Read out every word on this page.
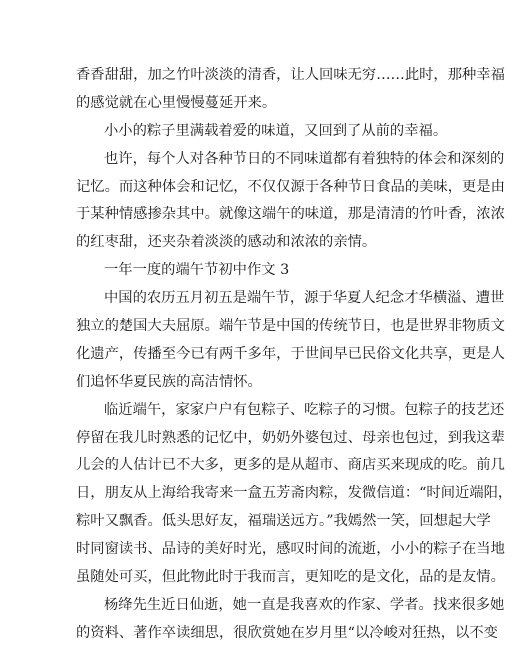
香香甜甜，加之竹叶淡淡的清香，让人回味无穷……此时，那种幸福
的感觉就在心里慢慢蔓延开来。
小小的粽子里满载着爱的味道，又回到了从前的幸福。
也许，每个人对各种节日的不同味道都有着独特的体会和深刻的
记忆。而这种体会和记忆，不仅仅源于各种节日食品的美味，更是由
于某种情感掺杂其中。就像这端午的味道，那是清清的竹叶香，浓浓
的红枣甜，还夹杂着淡淡的感动和浓浓的亲情。
一年一度的端午节初中作文 3
中国的农历五月初五是端午节，源于华夏人纪念才华横溢、遭世
独立的楚国大夫屈原。端午节是中国的传统节日，也是世界非物质文
化遗产，传播至今已有两千多年，于世间早已民俗文化共享，更是人
们追怀华夏民族的高洁情怀。
临近端午，家家户户有包粽子、吃粽子的习惯。包粽子的技艺还
停留在我儿时熟悉的记忆中，奶奶外婆包过、母亲也包过，到我这辈
儿会的人估计已不大多，更多的是从超市、商店买来现成的吃。前几
日，朋友从上海给我寄来一盒五芳斋肉粽，发微信道：“时间近端阳，
粽叶又飘香。低头思好友，福瑞送远方。”我嫣然一笑，回想起大学
时同窗读书、品诗的美好时光，感叹时间的流逝，小小的粽子在当地
虽随处可买，但此物此时于我而言，更知吃的是文化，品的是友情。
杨绛先生近日仙逝，她一直是我喜欢的作家、学者。找来很多她
的资料、著作卒读细思，很欣赏她在岁月里“以冷峻对狂热，以不变
